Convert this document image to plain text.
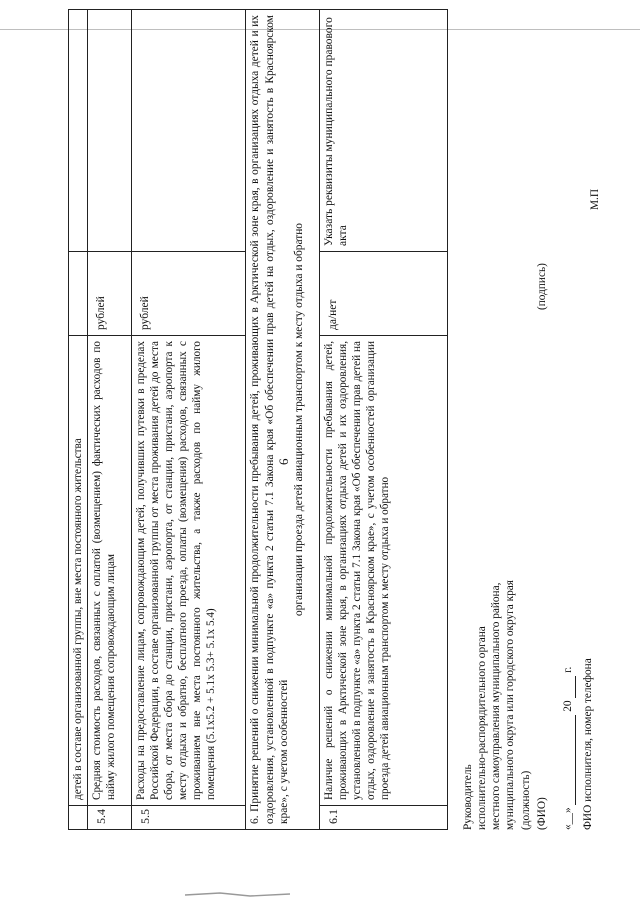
6
	детей в составе организованной группы, вне места постоянного жительства		
5.4	Средняя стоимость расходов, связанных с оплатой (возмещением) фактических расходов по найму жилого помещения сопровождающим лицам	рублей	
5.5	Расходы на предоставление лицам, сопровождающим детей, получивших путевки в пределах Российской Федерации, в составе организованной группы от места проживания детей до места сбора, от места сбора до станции, пристани, аэропорта, от станции, пристани, аэропорта к месту отдыха и обратно, бесплатного проезда, оплаты (возмещения) расходов, связанных с проживанием вне места постоянного жительства, а также расходов по найму жилого помещения (5.1х5.2 + 5.1х 5.3+ 5.1х 5.4)	рублей	
6. Принятие решений о снижении минимальной продолжительности пребывания детей, проживающих в Арктической зоне края, в организациях отдыха детей и их оздоровления, установленной в подпункте «а» пункта 2 статьи 7.1 Закона края «Об обеспечении прав детей на отдых, оздоровление и занятость в Красноярском крае», с учетом особенностей
организации проезда детей авиационным транспортом к месту отдыха и обратно			

6.1	Наличие решений о снижении минимальной продолжительности пребывания детей, проживающих в Арктической зоне края, в организациях отдыха детей и их оздоровления, установленной в подпункте «а» пункта 2 статьи 7.1 Закона края «Об обеспечении прав детей на отдых, оздоровление и занятость в Красноярском крае», с учетом особенностей организации проезда детей авиационным транспортом к месту отдыха и обратно	да/нет	Указать реквизиты муниципального правового акта
Руководитель исполнительно-распорядительного органа местного самоуправления муниципального района, муниципального округа или городского округа края (должность) (ФИО) «__»  20  г. ФИО исполнителя, номер телефона
(подпись)
М.П
